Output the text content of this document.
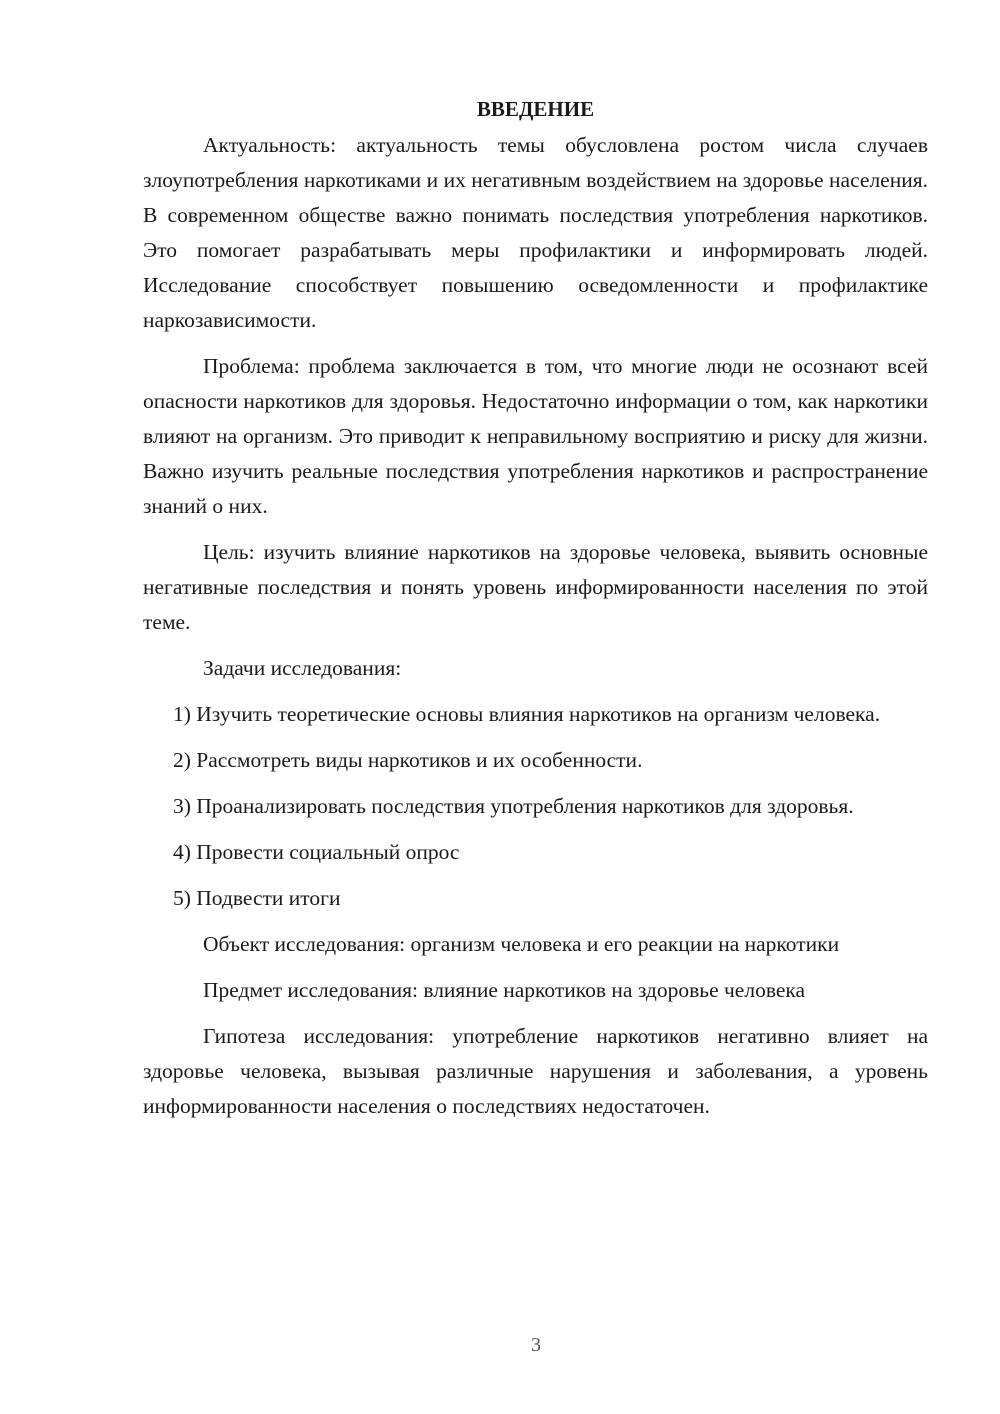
ВВЕДЕНИЕ

Актуальность: актуальность темы обусловлена ростом числа случаев злоупотребления наркотиками и их негативным воздействием на здоровье населения. В современном обществе важно понимать последствия употребления наркотиков. Это помогает разрабатывать меры профилактики и информировать людей. Исследование способствует повышению осведомленности и профилактике наркозависимости.

Проблема: проблема заключается в том, что многие люди не осознают всей опасности наркотиков для здоровья. Недостаточно информации о том, как наркотики влияют на организм. Это приводит к неправильному восприятию и риску для жизни. Важно изучить реальные последствия употребления наркотиков и распространение знаний о них.

Цель: изучить влияние наркотиков на здоровье человека, выявить основные негативные последствия и понять уровень информированности населения по этой теме.

Задачи исследования:

1) Изучить теоретические основы влияния наркотиков на организм человека.

2) Рассмотреть виды наркотиков и их особенности.

3) Проанализировать последствия употребления наркотиков для здоровья.

4) Провести социальный опрос

5) Подвести итоги

Объект исследования: организм человека и его реакции на наркотики

Предмет исследования: влияние наркотиков на здоровье человека

Гипотеза исследования: употребление наркотиков негативно влияет на здоровье человека, вызывая различные нарушения и заболевания, а уровень информированности населения о последствиях недостаточен.

3
